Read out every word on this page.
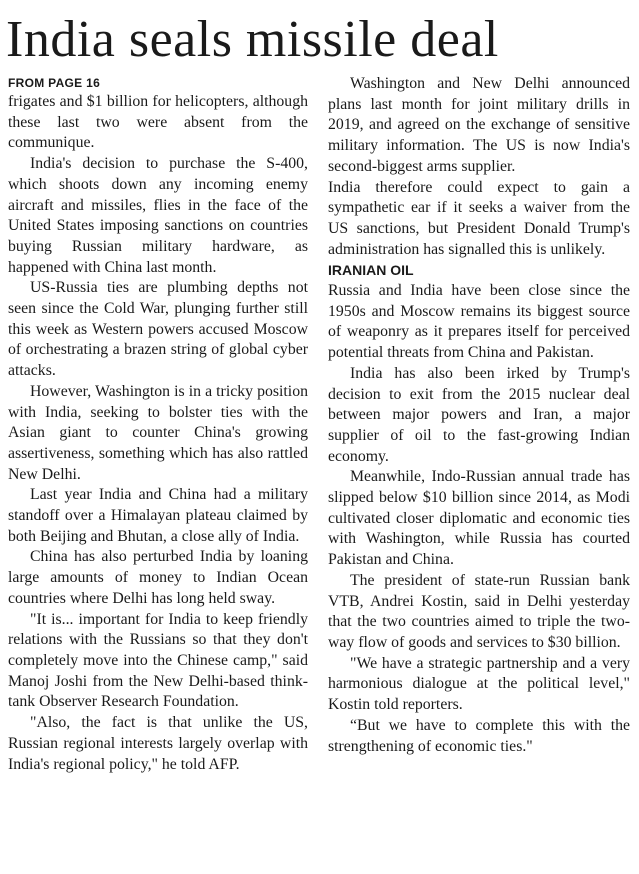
India seals missile deal
FROM PAGE 16

frigates and $1 billion for helicopters, although these last two were absent from the communique.

India's decision to purchase the S-400, which shoots down any incoming enemy aircraft and missiles, flies in the face of the United States imposing sanctions on countries buying Russian military hardware, as happened with China last month.

US-Russia ties are plumbing depths not seen since the Cold War, plunging further still this week as Western powers accused Moscow of orchestrating a brazen string of global cyber attacks.

However, Washington is in a tricky position with India, seeking to bolster ties with the Asian giant to counter China's growing assertiveness, something which has also rattled New Delhi.

Last year India and China had a military standoff over a Himalayan plateau claimed by both Beijing and Bhutan, a close ally of India.

China has also perturbed India by loaning large amounts of money to Indian Ocean countries where Delhi has long held sway.

"It is... important for India to keep friendly relations with the Russians so that they don't completely move into the Chinese camp," said Manoj Joshi from the New Delhi-based think-tank Observer Research Foundation.

"Also, the fact is that unlike the US, Russian regional interests largely overlap with India's regional policy," he told AFP.

Washington and New Delhi announced plans last month for joint military drills in 2019, and agreed on the exchange of sensitive military information. The US is now India's second-biggest arms supplier.

India therefore could expect to gain a sympathetic ear if it seeks a waiver from the US sanctions, but President Donald Trump's administration has signalled this is unlikely.

IRANIAN OIL

Russia and India have been close since the 1950s and Moscow remains its biggest source of weaponry as it prepares itself for perceived potential threats from China and Pakistan.

India has also been irked by Trump's decision to exit from the 2015 nuclear deal between major powers and Iran, a major supplier of oil to the fast-growing Indian economy.

Meanwhile, Indo-Russian annual trade has slipped below $10 billion since 2014, as Modi cultivated closer diplomatic and economic ties with Washington, while Russia has courted Pakistan and China.

The president of state-run Russian bank VTB, Andrei Kostin, said in Delhi yesterday that the two countries aimed to triple the two-way flow of goods and services to $30 billion.

"We have a strategic partnership and a very harmonious dialogue at the political level," Kostin told reporters.

“But we have to complete this with the strengthening of economic ties."
